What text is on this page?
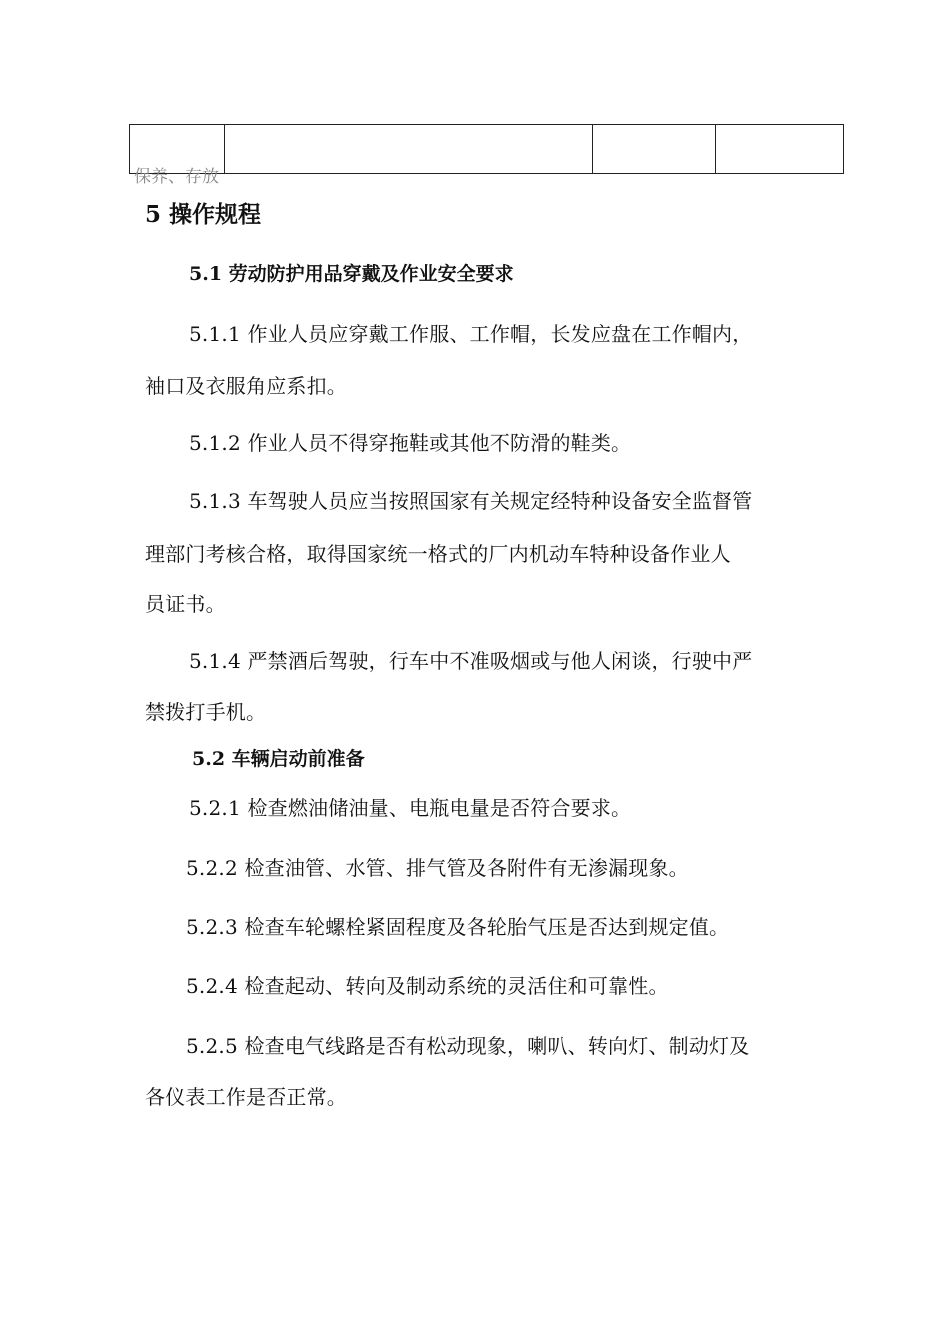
保养、存放
5 操作规程
5.1 劳动防护用品穿戴及作业安全要求
5.1.1 作业人员应穿戴工作服、工作帽，长发应盘在工作帽内，
袖口及衣服角应系扣。
5.1.2 作业人员不得穿拖鞋或其他不防滑的鞋类。
5.1.3 车驾驶人员应当按照国家有关规定经特种设备安全监督管
理部门考核合格，取得国家统一格式的厂内机动车特种设备作业人
员证书。
5.1.4 严禁酒后驾驶，行车中不准吸烟或与他人闲谈，行驶中严
禁拨打手机。
5.2 车辆启动前准备
5.2.1 检查燃油储油量、电瓶电量是否符合要求。
5.2.2 检查油管、水管、排气管及各附件有无渗漏现象。
5.2.3 检查车轮螺栓紧固程度及各轮胎气压是否达到规定值。
5.2.4 检查起动、转向及制动系统的灵活住和可靠性。
5.2.5 检查电气线路是否有松动现象，喇叭、转向灯、制动灯及
各仪表工作是否正常。
